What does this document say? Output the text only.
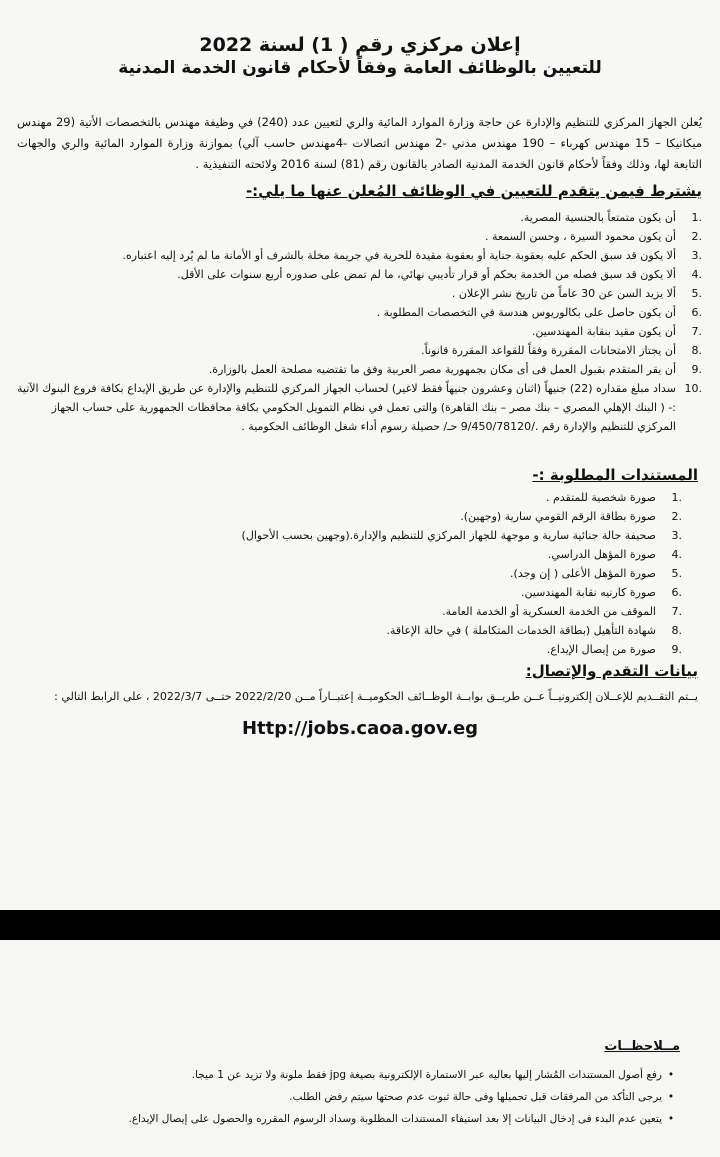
إعلان مركزي رقم ( 1) لسنة 2022
للتعيين بالوظائف العامة وفقاً لأحكام قانون الخدمة المدنية
يُعلن الجهاز المركزي للتنظيم والإدارة عن حاجة وزارة الموارد المائية والري لتعيين عدد (240) في وظيفة مهندس بالتخصصات الأتية (29 مهندس ميكانيكا – 15 مهندس كهرباء – 190 مهندس مدني -2 مهندس اتصالات -4مهندس حاسب آلي) بموازنة وزارة الموارد المائية والري والجهات التابعة لها، وذلك وفقاً لأحكام قانون الخدمة المدنية الصادر بالقانون رقم (81) لسنة 2016 ولائحته التنفيذية .
يشترط فيمن يتقدم للتعيين في الوظائف المُعلن عنها ما يلي:-
.1
أن يكون متمتعاً بالجنسية المصرية.
.2
أن يكون محمود السيرة ، وحسن السمعة .
.3
ألا يكون قد سبق الحكم عليه بعقوبة جناية أو بعقوبة مقيدة للحرية في جريمة مخلة بالشرف أو الأمانة ما لم يُرد إليه اعتباره.
.4
ألا يكون قد سبق فصله من الخدمة بحكم أو قرار تأديبي نهائي، ما لم تمض على صدوره أربع سنوات على الأقل.
.5
ألا يزيد السن عن 30 عاماً من تاريخ نشر الإعلان .
.6
أن يكون حاصل على بكالوريوس هندسة في التخصصات المطلوبة .
.7
أن يكون مقيد بنقابة المهندسين.
.8
أن يجتاز الامتحانات المقررة وفقاً للقواعد المقررة قانوناً.
.9
أن يقر المتقدم بقبول العمل فى أى مكان بجمهورية مصر العربية وفق ما تقتضيه مصلحة العمل بالوزارة.
.10
سداد مبلغ مقداره (22) جنيهاً (اثنان وعشرون جنيهاً فقط لاغير) لحساب الجهاز المركزي للتنظيم والإدارة عن طريق الإيداع بكافة فروع البنوك الآتية :- ( البنك الإهلي المصري – بنك مصر – بنك القاهرة) والتى تعمل في نظام التمويل الحكومي بكافة محافظات الجمهورية على حساب الجهاز المركزي للتنظيم والإدارة رقم ./9/450/78120 حـ/ حصيلة رسوم أداء شغل الوظائف الحكومية .
المستندات المطلوبة :-
.1
صورة شخصية للمتقدم .
.2
صورة بطاقة الرقم القومي سارية (وجهين).
.3
صحيفة حالة جنائية سارية و موجهة للجهاز المركزي للتنظيم والإدارة.(وجهين بحسب الأحوال)
.4
صورة المؤهل الدراسي.
.5
صورة المؤهل الأعلى ( إن وجد).
.6
صورة كارنيه نقابة المهندسين.
.7
الموقف من الخدمة العسكرية أو الخدمة العامة.
.8
شهادة التأهيل (بطاقة الخدمات المتكاملة ) في حالة الإعاقة.
.9
صورة من إيصال الإيداع.
بيانات التقدم والإتصال:
يــتم التقــديم للإعــلان إلكترونيــاً عــن طريــق بوابــة الوظــائف الحكوميــة إعتبــاراً مــن 2022/2/20 حتــى 2022/3/7 ، على الرابط التالي :
Http://jobs.caoa.gov.eg
مــلاحظــات
•
رفع أصول المستندات المُشار إليها بعاليه عبر الاستمارة الإلكترونية بصيغة jpg فقط ملونة ولا تزيد عن 1 ميجا.
•
يرجى التأكد من المرفقات قبل تحميلها وفى حالة ثبوت عدم صحتها سيتم رفض الطلب.
•
يتعين عدم البدء فى إدخال البيانات إلا بعد استيفاء المستندات المطلوبة وسداد الرسوم المقرره والحصول على إيصال الإيداع.
